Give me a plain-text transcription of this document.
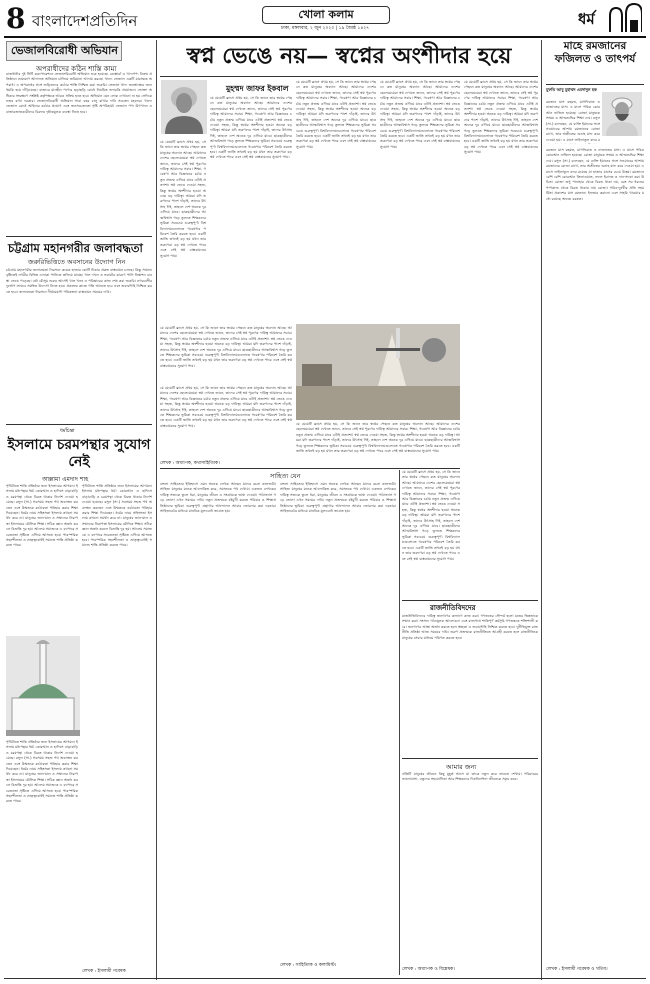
8 বাংলাদেশপ্রতিদিন	খোলা কলাম
ঢাকা, মঙ্গলবার, ২ জুন ২০২০ | ১৯ জ্যৈষ্ঠ ১৪২৭
ধর্ম
ভেজালবিরোধী অভিযান
অপরাধীদের কঠিন শাস্তি কাম্য
রাজধানীর দুই সিটি করপোরেশনে ভেজালবিরোধী অভিযান শুরু হয়েছে। রেস্তোরাঁ ও খাদ্যপণ্য বিক্রয় প্রতিষ্ঠানে ভ্রাম্যমাণ আদালত অভিযান চালিয়ে জরিমানা আদায় করছে। খাদ্যে ভেজাল একটি মারাত্মক অপরাধ। এ অপরাধের সঙ্গে জড়িতদের কঠোর শাস্তি নিশ্চিত করা জরুরি। ভেজাল খাদ্য জনস্বাস্থ্যের জন্য হুমকি হয়ে দাঁড়িয়েছে। বাজারে মানহীন পণ্যের ছড়াছড়ি রোধে নিয়মিত তদারকি প্রয়োজন। ভোক্তা অধিকার সংরক্ষণে সংশ্লিষ্ট কর্তৃপক্ষকে আরও সক্রিয় হতে হবে। অভিযান যেন লোক দেখানো না হয় সেদিকে নজর রাখা দরকার। ভেজালবিরোধী অভিযান সারা বছর চালু রাখার দাবি সচেতন মহলের। খাদ্যে ভেজাল রোধে আইনের কঠোর প্রয়োগ এবং জনসচেতনতা সৃষ্টি অপরিহার্য। ভেজাল পণ্য উৎপাদন ও বাজারজাতকারীদের বিরুদ্ধে দৃষ্টান্তমূলক ব্যবস্থা নিতে হবে।
চট্টগ্রাম মহানগরীর জলাবদ্ধতা
জরুরিভিত্তিতে অবসানের উদ্যোগ নিন
চট্টগ্রাম মহানগরীর জলাবদ্ধতা নিরসনে কয়েক হাজার কোটি টাকার প্রকল্প বাস্তবায়ন চলছে। কিন্তু সামান্য বৃষ্টিতেই নগরীর বিভিন্ন এলাকা পানিতে তলিয়ে যাচ্ছে। খাল দখল ও ভরাটের কারণে পানি নিষ্কাশন ব্যবস্থা ভেঙে পড়েছে। বর্ষা মৌসুম শুরুর আগেই খাল খনন ও পরিষ্কারের কাজ শেষ করা জরুরি। নগরবাসীর দুর্ভোগ লাঘবে সমন্বিত উদ্যোগ নিতে হবে। প্রকল্পের কাজে গতি আনতে হবে এবং জবাবদিহি নিশ্চিত করতে হবে। জলাবদ্ধতা নিরসনে দীর্ঘমেয়াদি পরিকল্পনা বাস্তবায়ন সময়ের দাবি।
ধর্মচিন্তা
ইসলামে চরমপন্থার সুযোগ নেই
আল্লামা এমদাদ শাহ
পৃথিবীতে শান্তি প্রতিষ্ঠার জন্য ইসলামের আগমন। ইসলাম মধ্যপন্থার ধর্ম। কোরআন ও হাদিসে বাড়াবাড়ি ও চরমপন্থা থেকে বিরত থাকার নির্দেশ দেওয়া হয়েছে। রসুল (সা.) সবসময় সহজ পথ অবলম্বন করতেন এবং উম্মতকে কঠোরতা পরিহার করার শিক্ষা দিয়েছেন। ধর্মের নামে সহিংসতা ইসলাম কখনো সমর্থন করে না। মানুষের জান-মাল ও সম্মানের নিরাপত্তা ইসলামের মৌলিক শিক্ষা। সঠিক জ্ঞান অর্জন করলে বিভ্রান্তি দূর হয়। আলেম সমাজকে এ ব্যাপারে সচেতনতা সৃষ্টিতে এগিয়ে আসতে হবে। পারস্পরিক সহনশীলতা ও ভ্রাতৃত্ববোধই সমাজে শান্তি প্রতিষ্ঠা করতে পারে।
পৃথিবীতে শান্তি প্রতিষ্ঠার জন্য ইসলামের আগমন। ইসলাম মধ্যপন্থার ধর্ম। কোরআন ও হাদিসে বাড়াবাড়ি ও চরমপন্থা থেকে বিরত থাকার নির্দেশ দেওয়া হয়েছে। রসুল (সা.) সবসময় সহজ পথ অবলম্বন করতেন এবং উম্মতকে কঠোরতা পরিহার করার শিক্ষা দিয়েছেন। ধর্মের নামে সহিংসতা ইসলাম কখনো সমর্থন করে না। মানুষের জান-মাল ও সম্মানের নিরাপত্তা ইসলামের মৌলিক শিক্ষা। সঠিক জ্ঞান অর্জন করলে বিভ্রান্তি দূর হয়। আলেম সমাজকে এ ব্যাপারে সচেতনতা সৃষ্টিতে এগিয়ে আসতে হবে। পারস্পরিক সহনশীলতা ও ভ্রাতৃত্ববোধই সমাজে শান্তি প্রতিষ্ঠা করতে পারে।
পৃথিবীতে শান্তি প্রতিষ্ঠার জন্য ইসলামের আগমন। ইসলাম মধ্যপন্থার ধর্ম। কোরআন ও হাদিসে বাড়াবাড়ি ও চরমপন্থা থেকে বিরত থাকার নির্দেশ দেওয়া হয়েছে। রসুল (সা.) সবসময় সহজ পথ অবলম্বন করতেন এবং উম্মতকে কঠোরতা পরিহার করার শিক্ষা দিয়েছেন। ধর্মের নামে সহিংসতা ইসলাম কখনো সমর্থন করে না। মানুষের জান-মাল ও সম্মানের নিরাপত্তা ইসলামের মৌলিক শিক্ষা। সঠিক জ্ঞান অর্জন করলে বিভ্রান্তি দূর হয়। আলেম সমাজকে এ ব্যাপারে সচেতনতা সৃষ্টিতে এগিয়ে আসতে হবে। পারস্পরিক সহনশীলতা ও ভ্রাতৃত্ববোধই সমাজে শান্তি প্রতিষ্ঠা করতে পারে।
লেখক : ইসলামী গবেষক
স্বপ্ন ভেঙে নয়— স্বপ্নের অংশীদার হয়ে
মুহম্মদ জাফর ইকবাল
যে মেয়েটি ক্লাসে প্রথম হয়, সে কি জানে তার স্বপ্নের পেছনে কত মানুষের অবদান আছে। আমাদের দেশের ছেলেমেয়েরা স্বপ্ন দেখতে জানে, তাদের সেই স্বপ্ন পূরণের দায়িত্ব আমাদের সবার। শিক্ষা, গবেষণা আর বিজ্ঞানের চর্চায় নতুন প্রজন্ম এগিয়ে যাবে এটাই প্রত্যাশা। স্বপ্ন ভেঙে দেওয়া সহজ, কিন্তু স্বপ্নের অংশীদার হওয়া অনেক বড় দায়িত্ব। আমরা যদি তরুণদের পাশে দাঁড়াই, তাদের উৎসাহ দিই, তাহলে দেশ অনেক দূর এগিয়ে যাবে। ছাত্রছাত্রীদের আত্মবিশ্বাস গড়ে তুলতে শিক্ষকদের ভূমিকা সবচেয়ে গুরুত্বপূর্ণ। বিশ্ববিদ্যালয়গুলোতে গবেষণার পরিবেশ তৈরি করতে হবে। একটি জাতি তখনই বড় হয় যখন তার তরুণেরা বড় স্বপ্ন দেখতে পারে এবং সেই স্বপ্ন বাস্তবায়নের সুযোগ পায়।
যে মেয়েটি ক্লাসে প্রথম হয়, সে কি জানে তার স্বপ্নের পেছনে কত মানুষের অবদান আছে। আমাদের দেশের ছেলেমেয়েরা স্বপ্ন দেখতে জানে, তাদের সেই স্বপ্ন পূরণের দায়িত্ব আমাদের সবার। শিক্ষা, গবেষণা আর বিজ্ঞানের চর্চায় নতুন প্রজন্ম এগিয়ে যাবে এটাই প্রত্যাশা। স্বপ্ন ভেঙে দেওয়া সহজ, কিন্তু স্বপ্নের অংশীদার হওয়া অনেক বড় দায়িত্ব। আমরা যদি তরুণদের পাশে দাঁড়াই, তাদের উৎসাহ দিই, তাহলে দেশ অনেক দূর এগিয়ে যাবে। ছাত্রছাত্রীদের আত্মবিশ্বাস গড়ে তুলতে শিক্ষকদের ভূমিকা সবচেয়ে গুরুত্বপূর্ণ। বিশ্ববিদ্যালয়গুলোতে গবেষণার পরিবেশ তৈরি করতে হবে। একটি জাতি তখনই বড় হয় যখন তার তরুণেরা বড় স্বপ্ন দেখতে পারে এবং সেই স্বপ্ন বাস্তবায়নের সুযোগ পায়।
যে মেয়েটি ক্লাসে প্রথম হয়, সে কি জানে তার স্বপ্নের পেছনে কত মানুষের অবদান আছে। আমাদের দেশের ছেলেমেয়েরা স্বপ্ন দেখতে জানে, তাদের সেই স্বপ্ন পূরণের দায়িত্ব আমাদের সবার। শিক্ষা, গবেষণা আর বিজ্ঞানের চর্চায় নতুন প্রজন্ম এগিয়ে যাবে এটাই প্রত্যাশা। স্বপ্ন ভেঙে দেওয়া সহজ, কিন্তু স্বপ্নের অংশীদার হওয়া অনেক বড় দায়িত্ব। আমরা যদি তরুণদের পাশে দাঁড়াই, তাদের উৎসাহ দিই, তাহলে দেশ অনেক দূর এগিয়ে যাবে। ছাত্রছাত্রীদের আত্মবিশ্বাস গড়ে তুলতে শিক্ষকদের ভূমিকা সবচেয়ে গুরুত্বপূর্ণ। বিশ্ববিদ্যালয়গুলোতে গবেষণার পরিবেশ তৈরি করতে হবে। একটি জাতি তখনই বড় হয় যখন তার তরুণেরা বড় স্বপ্ন দেখতে পারে এবং সেই স্বপ্ন বাস্তবায়নের সুযোগ পায়।
যে মেয়েটি ক্লাসে প্রথম হয়, সে কি জানে তার স্বপ্নের পেছনে কত মানুষের অবদান আছে। আমাদের দেশের ছেলেমেয়েরা স্বপ্ন দেখতে জানে, তাদের সেই স্বপ্ন পূরণের দায়িত্ব আমাদের সবার। শিক্ষা, গবেষণা আর বিজ্ঞানের চর্চায় নতুন প্রজন্ম এগিয়ে যাবে এটাই প্রত্যাশা। স্বপ্ন ভেঙে দেওয়া সহজ, কিন্তু স্বপ্নের অংশীদার হওয়া অনেক বড় দায়িত্ব। আমরা যদি তরুণদের পাশে দাঁড়াই, তাদের উৎসাহ দিই, তাহলে দেশ অনেক দূর এগিয়ে যাবে। ছাত্রছাত্রীদের আত্মবিশ্বাস গড়ে তুলতে শিক্ষকদের ভূমিকা সবচেয়ে গুরুত্বপূর্ণ। বিশ্ববিদ্যালয়গুলোতে গবেষণার পরিবেশ তৈরি করতে হবে। একটি জাতি তখনই বড় হয় যখন তার তরুণেরা বড় স্বপ্ন দেখতে পারে এবং সেই স্বপ্ন বাস্তবায়নের সুযোগ পায়।
যে মেয়েটি ক্লাসে প্রথম হয়, সে কি জানে তার স্বপ্নের পেছনে কত মানুষের অবদান আছে। আমাদের দেশের ছেলেমেয়েরা স্বপ্ন দেখতে জানে, তাদের সেই স্বপ্ন পূরণের দায়িত্ব আমাদের সবার। শিক্ষা, গবেষণা আর বিজ্ঞানের চর্চায় নতুন প্রজন্ম এগিয়ে যাবে এটাই প্রত্যাশা। স্বপ্ন ভেঙে দেওয়া সহজ, কিন্তু স্বপ্নের অংশীদার হওয়া অনেক বড় দায়িত্ব। আমরা যদি তরুণদের পাশে দাঁড়াই, তাদের উৎসাহ দিই, তাহলে দেশ অনেক দূর এগিয়ে যাবে। ছাত্রছাত্রীদের আত্মবিশ্বাস গড়ে তুলতে শিক্ষকদের ভূমিকা সবচেয়ে গুরুত্বপূর্ণ। বিশ্ববিদ্যালয়গুলোতে গবেষণার পরিবেশ তৈরি করতে হবে। একটি জাতি তখনই বড় হয় যখন তার তরুণেরা বড় স্বপ্ন দেখতে পারে এবং সেই স্বপ্ন বাস্তবায়নের সুযোগ পায়।
যে মেয়েটি ক্লাসে প্রথম হয়, সে কি জানে তার স্বপ্নের পেছনে কত মানুষের অবদান আছে। আমাদের দেশের ছেলেমেয়েরা স্বপ্ন দেখতে জানে, তাদের সেই স্বপ্ন পূরণের দায়িত্ব আমাদের সবার। শিক্ষা, গবেষণা আর বিজ্ঞানের চর্চায় নতুন প্রজন্ম এগিয়ে যাবে এটাই প্রত্যাশা। স্বপ্ন ভেঙে দেওয়া সহজ, কিন্তু স্বপ্নের অংশীদার হওয়া অনেক বড় দায়িত্ব। আমরা যদি তরুণদের পাশে দাঁড়াই, তাদের উৎসাহ দিই, তাহলে দেশ অনেক দূর এগিয়ে যাবে। ছাত্রছাত্রীদের আত্মবিশ্বাস গড়ে তুলতে শিক্ষকদের ভূমিকা সবচেয়ে গুরুত্বপূর্ণ। বিশ্ববিদ্যালয়গুলোতে গবেষণার পরিবেশ তৈরি করতে হবে। একটি জাতি তখনই বড় হয় যখন তার তরুণেরা বড় স্বপ্ন দেখতে পারে এবং সেই স্বপ্ন বাস্তবায়নের সুযোগ পায়।
যে মেয়েটি ক্লাসে প্রথম হয়, সে কি জানে তার স্বপ্নের পেছনে কত মানুষের অবদান আছে। আমাদের দেশের ছেলেমেয়েরা স্বপ্ন দেখতে জানে, তাদের সেই স্বপ্ন পূরণের দায়িত্ব আমাদের সবার। শিক্ষা, গবেষণা আর বিজ্ঞানের চর্চায় নতুন প্রজন্ম এগিয়ে যাবে এটাই প্রত্যাশা। স্বপ্ন ভেঙে দেওয়া সহজ, কিন্তু স্বপ্নের অংশীদার হওয়া অনেক বড় দায়িত্ব। আমরা যদি তরুণদের পাশে দাঁড়াই, তাদের উৎসাহ দিই, তাহলে দেশ অনেক দূর এগিয়ে যাবে। ছাত্রছাত্রীদের আত্মবিশ্বাস গড়ে তুলতে শিক্ষকদের ভূমিকা সবচেয়ে গুরুত্বপূর্ণ। বিশ্ববিদ্যালয়গুলোতে গবেষণার পরিবেশ তৈরি করতে হবে। একটি জাতি তখনই বড় হয় যখন তার তরুণেরা বড় স্বপ্ন দেখতে পারে এবং সেই স্বপ্ন বাস্তবায়নের সুযোগ পায়।
যে মেয়েটি ক্লাসে প্রথম হয়, সে কি জানে তার স্বপ্নের পেছনে কত মানুষের অবদান আছে। আমাদের দেশের ছেলেমেয়েরা স্বপ্ন দেখতে জানে, তাদের সেই স্বপ্ন পূরণের দায়িত্ব আমাদের সবার। শিক্ষা, গবেষণা আর বিজ্ঞানের চর্চায় নতুন প্রজন্ম এগিয়ে যাবে এটাই প্রত্যাশা। স্বপ্ন ভেঙে দেওয়া সহজ, কিন্তু স্বপ্নের অংশীদার হওয়া অনেক বড় দায়িত্ব। আমরা যদি তরুণদের পাশে দাঁড়াই, তাদের উৎসাহ দিই, তাহলে দেশ অনেক দূর এগিয়ে যাবে। ছাত্রছাত্রীদের আত্মবিশ্বাস গড়ে তুলতে শিক্ষকদের ভূমিকা সবচেয়ে গুরুত্বপূর্ণ। বিশ্ববিদ্যালয়গুলোতে গবেষণার পরিবেশ তৈরি করতে হবে। একটি জাতি তখনই বড় হয় যখন তার তরুণেরা বড় স্বপ্ন দেখতে পারে এবং সেই স্বপ্ন বাস্তবায়নের সুযোগ পায়।
লেখক : অধ্যাপক, কথাসাহিত্যিক।
সাহিত্য যেন
বাংলা সাহিত্যের ইতিহাসে এমন অনেক লেখক আছেন যাদের রচনা কালজয়ী। সাহিত্য মানুষের মনকে আলোকিত করে, সমাজকে পথ দেখায়। একজন লেখকের দায়িত্ব সত্যকে তুলে ধরা, মানুষের জীবন ও সংগ্রামকে ভাষা দেওয়া। পাঠাভ্যাস গড়ে তোলা এখন সময়ের দাবি। নতুন প্রজন্মকে বইমুখী করতে পরিবার ও শিক্ষাপ্রতিষ্ঠানের ভূমিকা গুরুত্বপূর্ণ। গ্রন্থাগার আন্দোলন আবার জোরদার করা দরকার। সাহিত্যচর্চার মাধ্যমে মানবিক মূল্যবোধ জাগ্রত হয়।
বাংলা সাহিত্যের ইতিহাসে এমন অনেক লেখক আছেন যাদের রচনা কালজয়ী। সাহিত্য মানুষের মনকে আলোকিত করে, সমাজকে পথ দেখায়। একজন লেখকের দায়িত্ব সত্যকে তুলে ধরা, মানুষের জীবন ও সংগ্রামকে ভাষা দেওয়া। পাঠাভ্যাস গড়ে তোলা এখন সময়ের দাবি। নতুন প্রজন্মকে বইমুখী করতে পরিবার ও শিক্ষাপ্রতিষ্ঠানের ভূমিকা গুরুত্বপূর্ণ। গ্রন্থাগার আন্দোলন আবার জোরদার করা দরকার। সাহিত্যচর্চার মাধ্যমে মানবিক মূল্যবোধ জাগ্রত হয়।
লেখক : সাহিত্যিক ও কলামিস্ট।
রাজনীতিবিদদের
যে মেয়েটি ক্লাসে প্রথম হয়, সে কি জানে তার স্বপ্নের পেছনে কত মানুষের অবদান আছে। আমাদের দেশের ছেলেমেয়েরা স্বপ্ন দেখতে জানে, তাদের সেই স্বপ্ন পূরণের দায়িত্ব আমাদের সবার। শিক্ষা, গবেষণা আর বিজ্ঞানের চর্চায় নতুন প্রজন্ম এগিয়ে যাবে এটাই প্রত্যাশা। স্বপ্ন ভেঙে দেওয়া সহজ, কিন্তু স্বপ্নের অংশীদার হওয়া অনেক বড় দায়িত্ব। আমরা যদি তরুণদের পাশে দাঁড়াই, তাদের উৎসাহ দিই, তাহলে দেশ অনেক দূর এগিয়ে যাবে। ছাত্রছাত্রীদের আত্মবিশ্বাস গড়ে তুলতে শিক্ষকদের ভূমিকা সবচেয়ে গুরুত্বপূর্ণ। বিশ্ববিদ্যালয়গুলোতে গবেষণার পরিবেশ তৈরি করতে হবে। একটি জাতি তখনই বড় হয় যখন তার তরুণেরা বড় স্বপ্ন দেখতে পারে এবং সেই স্বপ্ন বাস্তবায়নের সুযোগ পায়।
রাজনীতিবিদদের দায়িত্ব জনগণের কল্যাণে কাজ করা। গণতন্ত্রের সৌন্দর্য হলো মতের ভিন্নতাকে সম্মান করা। সংসদে গঠনমূলক আলোচনা এবং রাজপথে শান্তিপূর্ণ কর্মসূচি গণতন্ত্রকে শক্তিশালী করে। জনগণের আস্থা অর্জন করতে হলে স্বচ্ছতা ও জবাবদিহি নিশ্চিত করতে হবে। দুর্নীতিমুক্ত রাজনীতি প্রতিষ্ঠা আজ সময়ের দাবি। তরুণ প্রজন্মকে রাজনীতিতে আগ্রহী করতে হলে রাজনীতিকে মানুষের সেবার মাধ্যমে পরিণত করতে হবে।
আমার জন্য
প্রতিটি মানুষের জীবনে কিছু মুহূর্ত আসে যা তাকে নতুন করে ভাবতে শেখায়। পরিবারের ভালোবাসা, বন্ধুদের সহযোগিতা আর শিক্ষকদের দিকনির্দেশনা জীবনকে সমৃদ্ধ করে।
লেখক : অধ্যাপক ও বিশ্লেষক।
মাহে রমজানের ফজিলত ও তাৎপর্য
মুফতি আবু মুহাম্মদ এমদাদুল হক
রমজান মাস রহমত, মাগফিরাত ও নাজাতের মাস। এ মাসে পবিত্র কোরআন নাজিল হয়েছে। রোজা মানুষকে সংযম ও আত্মশুদ্ধির শিক্ষা দেয়। রসুল (সা.) বলেছেন, যে ব্যক্তি ইমানের সঙ্গে সওয়াবের আশায় রমজানের রোজা রাখে, তার অতীতের গুনাহ মাফ করে দেওয়া হয়। এ মাসে লাইলাতুল কদর র
রমজান মাস রহমত, মাগফিরাত ও নাজাতের মাস। এ মাসে পবিত্র কোরআন নাজিল হয়েছে। রোজা মানুষকে সংযম ও আত্মশুদ্ধির শিক্ষা দেয়। রসুল (সা.) বলেছেন, যে ব্যক্তি ইমানের সঙ্গে সওয়াবের আশায় রমজানের রোজা রাখে, তার অতীতের গুনাহ মাফ করে দেওয়া হয়। এ মাসে লাইলাতুল কদর রয়েছে যা হাজার মাসের চেয়ে উত্তম। রমজানে বেশি বেশি কোরআন তিলাওয়াত, নফল ইবাদত ও দান-সদকা করা উচিত। রোজা শুধু পানাহার থেকে বিরত থাকা নয়, বরং সব ধরনের পাপকাজ থেকে বিরত থাকার নাম রোজা। গরিব-দুঃখীর প্রতি সহমর্মিতা প্রকাশের মাস রমজান। ইফতার করানো এবং সাহরি খাওয়ার মধ্যে রয়েছে অনেক বরকত।
লেখক : ইসলামী গবেষক ও খতিব।
